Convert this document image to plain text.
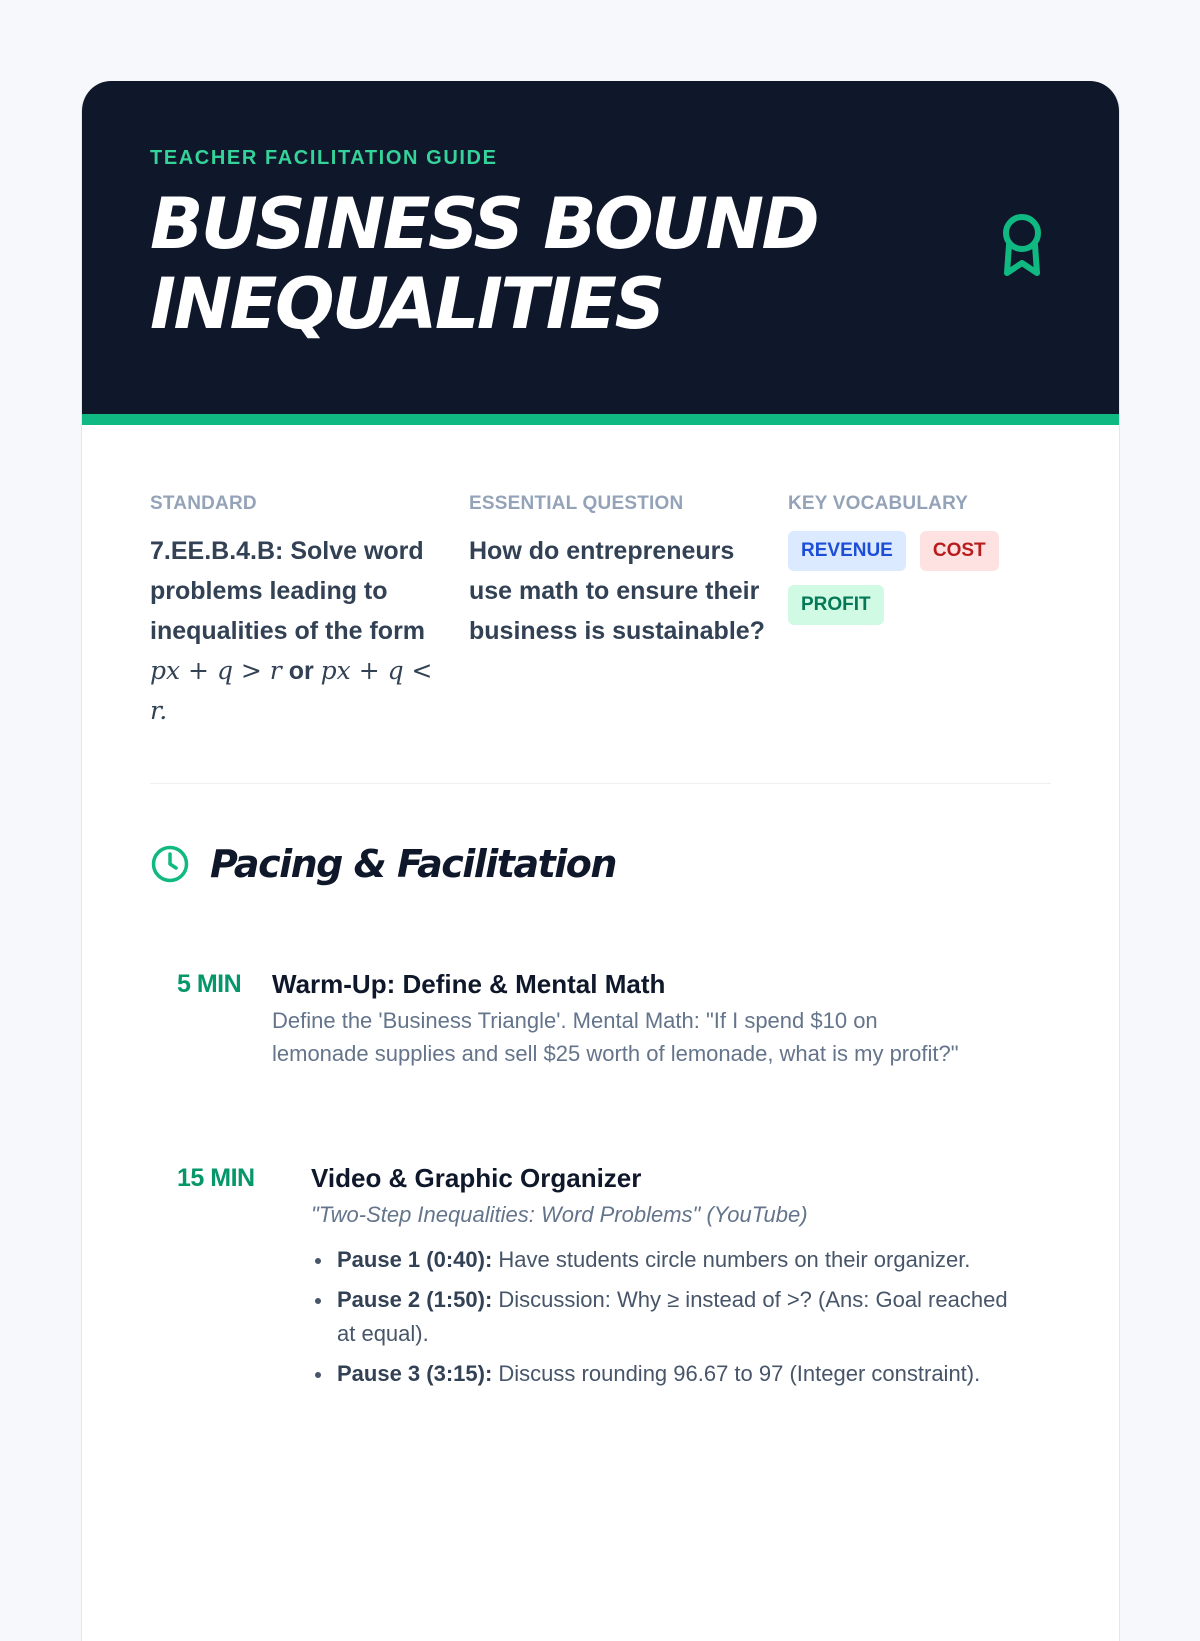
TEACHER FACILITATION GUIDE
BUSINESS BOUND INEQUALITIES
STANDARD
7.EE.B.4.B: Solve word problems leading to inequalities of the form px + q > r or px + q < r.
ESSENTIAL QUESTION
How do entrepreneurs use math to ensure their business is sustainable?
KEY VOCABULARY
REVENUE	COST
PROFIT
Pacing & Facilitation
5 MIN	Warm-Up: Define & Mental Math
Define the 'Business Triangle'. Mental Math: "If I spend $10 on lemonade supplies and sell $25 worth of lemonade, what is my profit?"
15 MIN	Video & Graphic Organizer
"Two-Step Inequalities: Word Problems" (YouTube)
Pause 1 (0:40): Have students circle numbers on their organizer.
Pause 2 (1:50): Discussion: Why ≥ instead of >? (Ans: Goal reached at equal).
Pause 3 (3:15): Discuss rounding 96.67 to 97 (Integer constraint).
